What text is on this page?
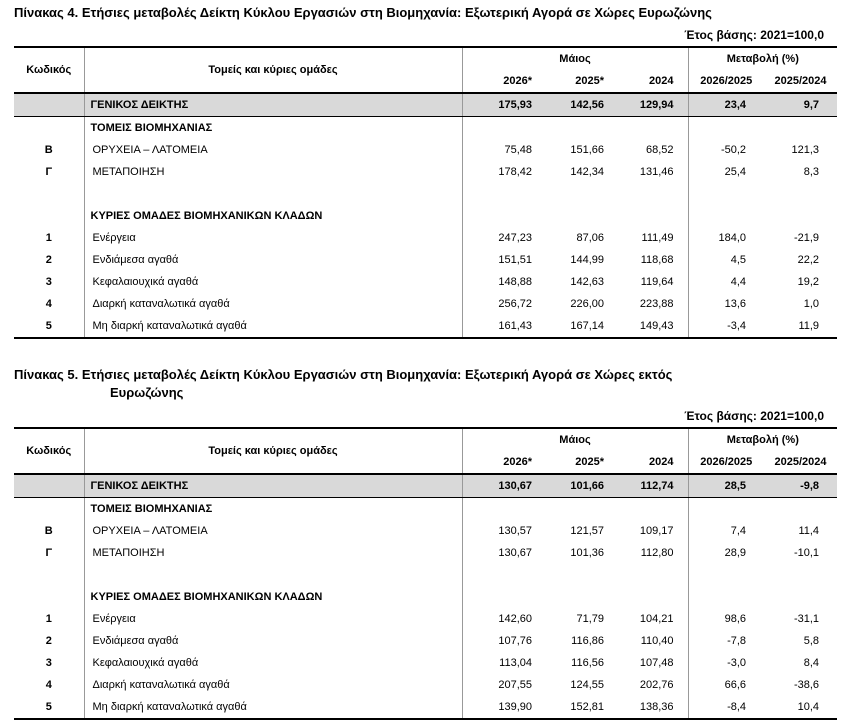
Πίνακας 4. Ετήσιες μεταβολές Δείκτη Κύκλου Εργασιών στη Βιομηχανία: Εξωτερική Αγορά σε Χώρες Ευρωζώνης
Έτος βάσης: 2021=100,0
Κωδικός	Τομείς και κύριες ομάδες	Μάιος			Μεταβολή (%)	
		2026*	2025*	2024	2026/2025	2025/2024
	ΓΕΝΙΚΟΣ ΔΕΙΚΤΗΣ	175,93	142,56	129,94	23,4	9,7
	ΤΟΜΕΙΣ ΒΙΟΜΗΧΑΝΙΑΣ					
Β	ΟΡΥΧΕΙΑ – ΛΑΤΟΜΕΙΑ	75,48	151,66	68,52	-50,2	121,3
Γ	ΜΕΤΑΠΟΙΗΣΗ	178,42	142,34	131,46	25,4	8,3

	ΚΥΡΙΕΣ ΟΜΑΔΕΣ ΒΙΟΜΗΧΑΝΙΚΩΝ ΚΛΑΔΩΝ					
1	Ενέργεια	247,23	87,06	111,49	184,0	-21,9
2	Ενδιάμεσα αγαθά	151,51	144,99	118,68	4,5	22,2
3	Κεφαλαιουχικά αγαθά	148,88	142,63	119,64	4,4	19,2
4	Διαρκή καταναλωτικά αγαθά	256,72	226,00	223,88	13,6	1,0
5	Μη διαρκή καταναλωτικά αγαθά	161,43	167,14	149,43	-3,4	11,9
Πίνακας 5. Ετήσιες μεταβολές Δείκτη Κύκλου Εργασιών στη Βιομηχανία: Εξωτερική Αγορά σε Χώρες εκτός
Ευρωζώνης
Έτος βάσης: 2021=100,0
Κωδικός	Τομείς και κύριες ομάδες	Μάιος			Μεταβολή (%)	
		2026*	2025*	2024	2026/2025	2025/2024
	ΓΕΝΙΚΟΣ ΔΕΙΚΤΗΣ	130,67	101,66	112,74	28,5	-9,8
	ΤΟΜΕΙΣ ΒΙΟΜΗΧΑΝΙΑΣ					
Β	ΟΡΥΧΕΙΑ – ΛΑΤΟΜΕΙΑ	130,57	121,57	109,17	7,4	11,4
Γ	ΜΕΤΑΠΟΙΗΣΗ	130,67	101,36	112,80	28,9	-10,1

	ΚΥΡΙΕΣ ΟΜΑΔΕΣ ΒΙΟΜΗΧΑΝΙΚΩΝ ΚΛΑΔΩΝ					
1	Ενέργεια	142,60	71,79	104,21	98,6	-31,1
2	Ενδιάμεσα αγαθά	107,76	116,86	110,40	-7,8	5,8
3	Κεφαλαιουχικά αγαθά	113,04	116,56	107,48	-3,0	8,4
4	Διαρκή καταναλωτικά αγαθά	207,55	124,55	202,76	66,6	-38,6
5	Μη διαρκή καταναλωτικά αγαθά	139,90	152,81	138,36	-8,4	10,4
